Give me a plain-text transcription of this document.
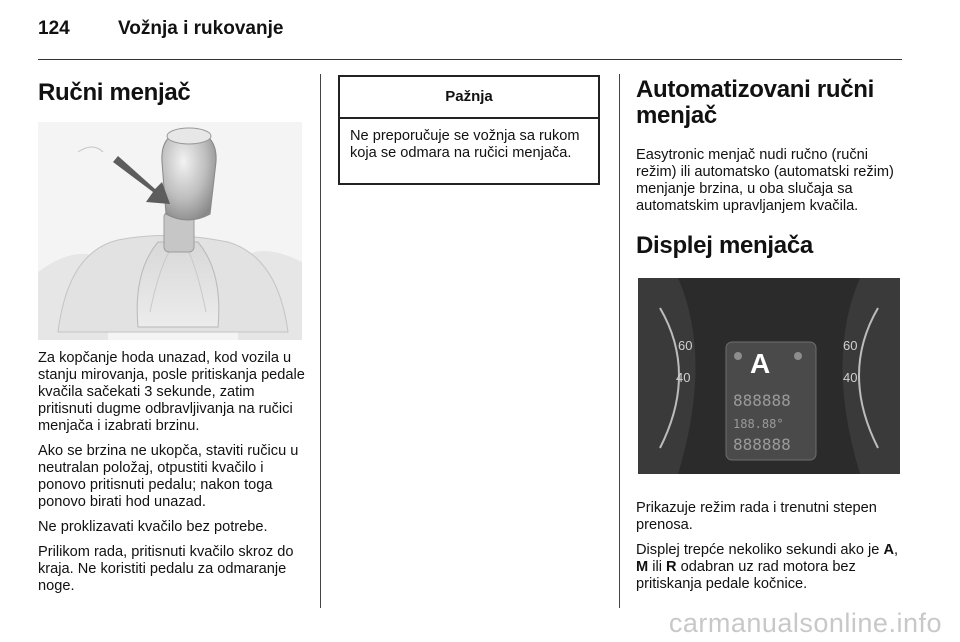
124	Vožnja i rukovanje
Ručni menjač

Za kopčanje hoda unazad, kod vozila u stanju mirovanja, posle pritiskanja pedale kvačila sačekati 3 sekunde, zatim pritisnuti dugme odbravljivanja na ručici menjača i izabrati brzinu.

Ako se brzina ne ukopča, staviti ručicu u neutralan položaj, otpustiti kvačilo i ponovo pritisnuti pedalu; nakon toga ponovo birati hod unazad.

Ne proklizavati kvačilo bez potrebe.

Prilikom rada, pritisnuti kvačilo skroz do kraja. Ne koristiti pedalu za odmaranje noge.

Pažnja
Ne preporučuje se vožnja sa rukom koja se odmara na ručici menjača.
Automatizovani ručni menjač

Easytronic menjač nudi ručno (ručni režim) ili automatsko (automatski režim) menjanje brzina, u oba slučaja sa automatskim upravljanjem kvačila.

Displej menjača
60
40
60
40
A
888888
188.88°
888888

Prikazuje režim rada i trenutni stepen prenosa.

Displej trepće nekoliko sekundi ako je A, M ili R odabran uz rad motora bez pritiskanja pedale kočnice.

carmanualsonline.info
